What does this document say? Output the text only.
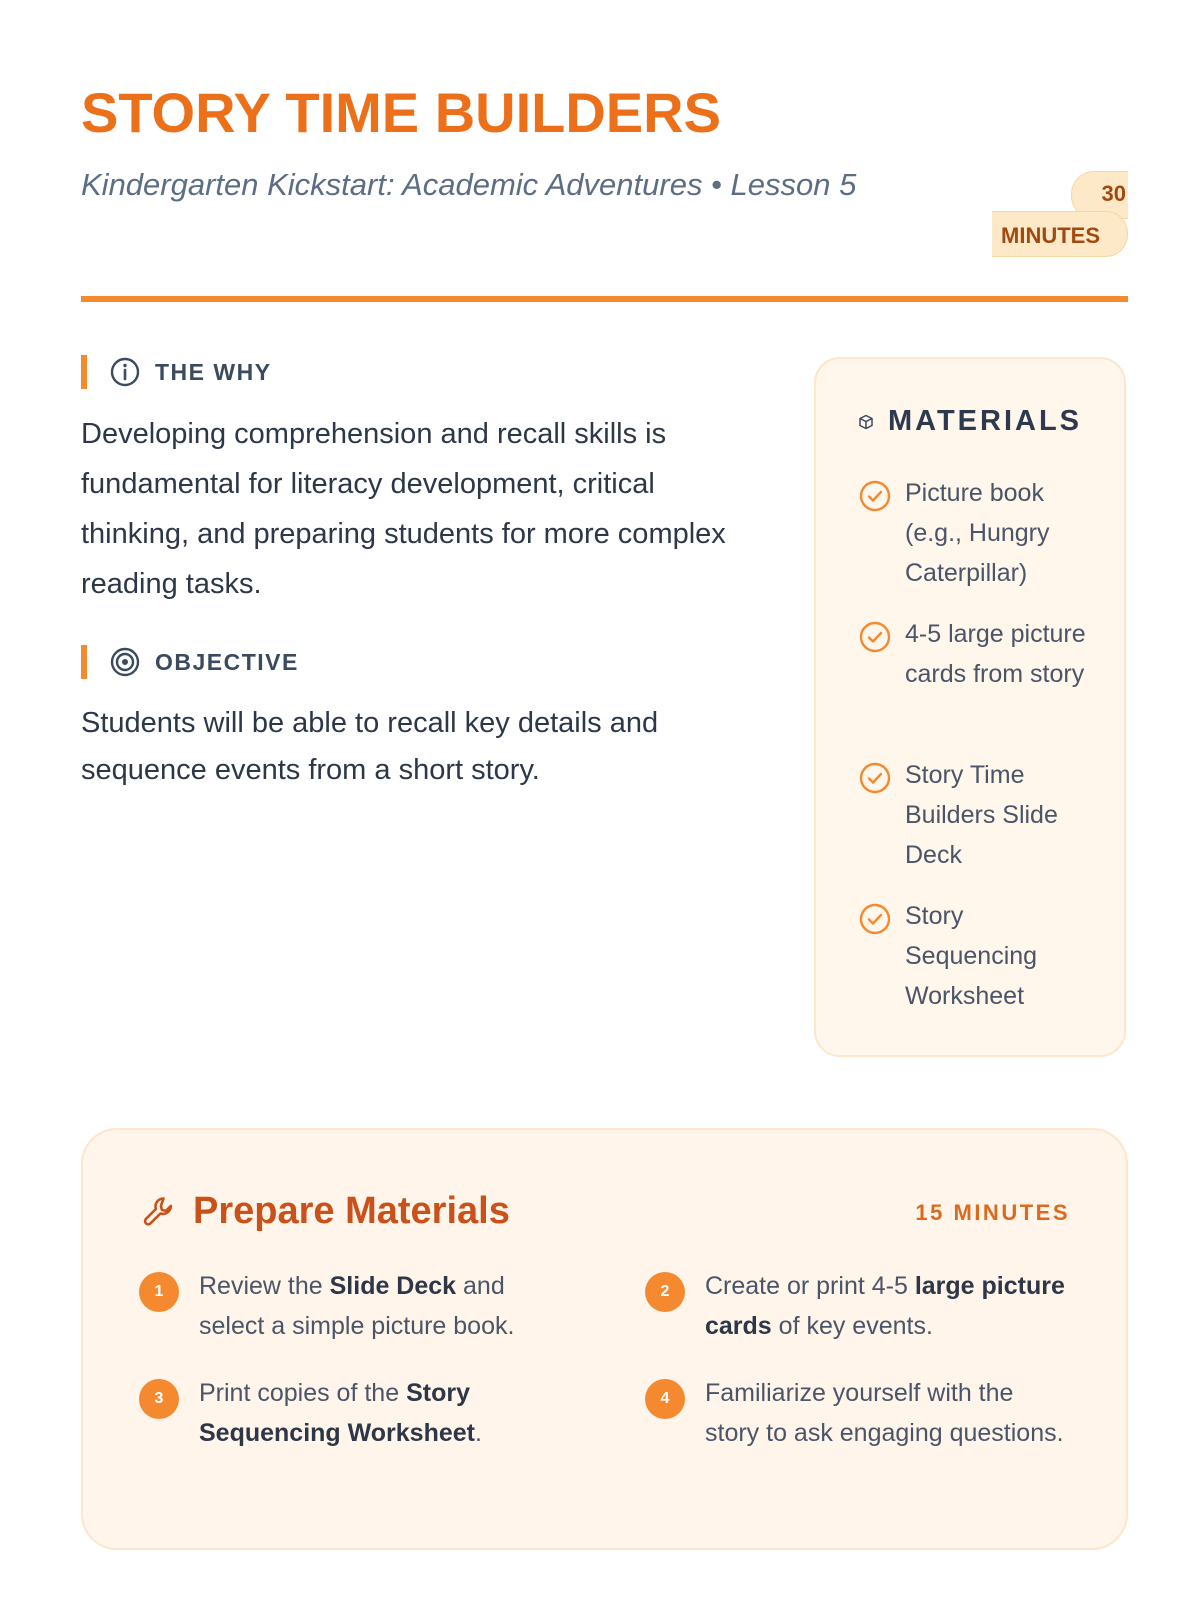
STORY TIME BUILDERS

Kindergarten Kickstart: Academic Adventures • Lesson 5	30
MINUTES
THE WHY

Developing comprehension and recall skills is fundamental for literacy development, critical thinking, and preparing students for more complex reading tasks.

OBJECTIVE

Students will be able to recall key details and sequence events from a short story.

MATERIALS
Picture book (e.g., Hungry Caterpillar)
4-5 large picture cards from story
Story Time Builders Slide Deck
Story Sequencing Worksheet
Prepare Materials	15 MINUTES
1	Review the Slide Deck and select a simple picture book.
2	Create or print 4-5 large picture cards of key events.
3	Print copies of the Story Sequencing Worksheet.
4	Familiarize yourself with the story to ask engaging questions.
